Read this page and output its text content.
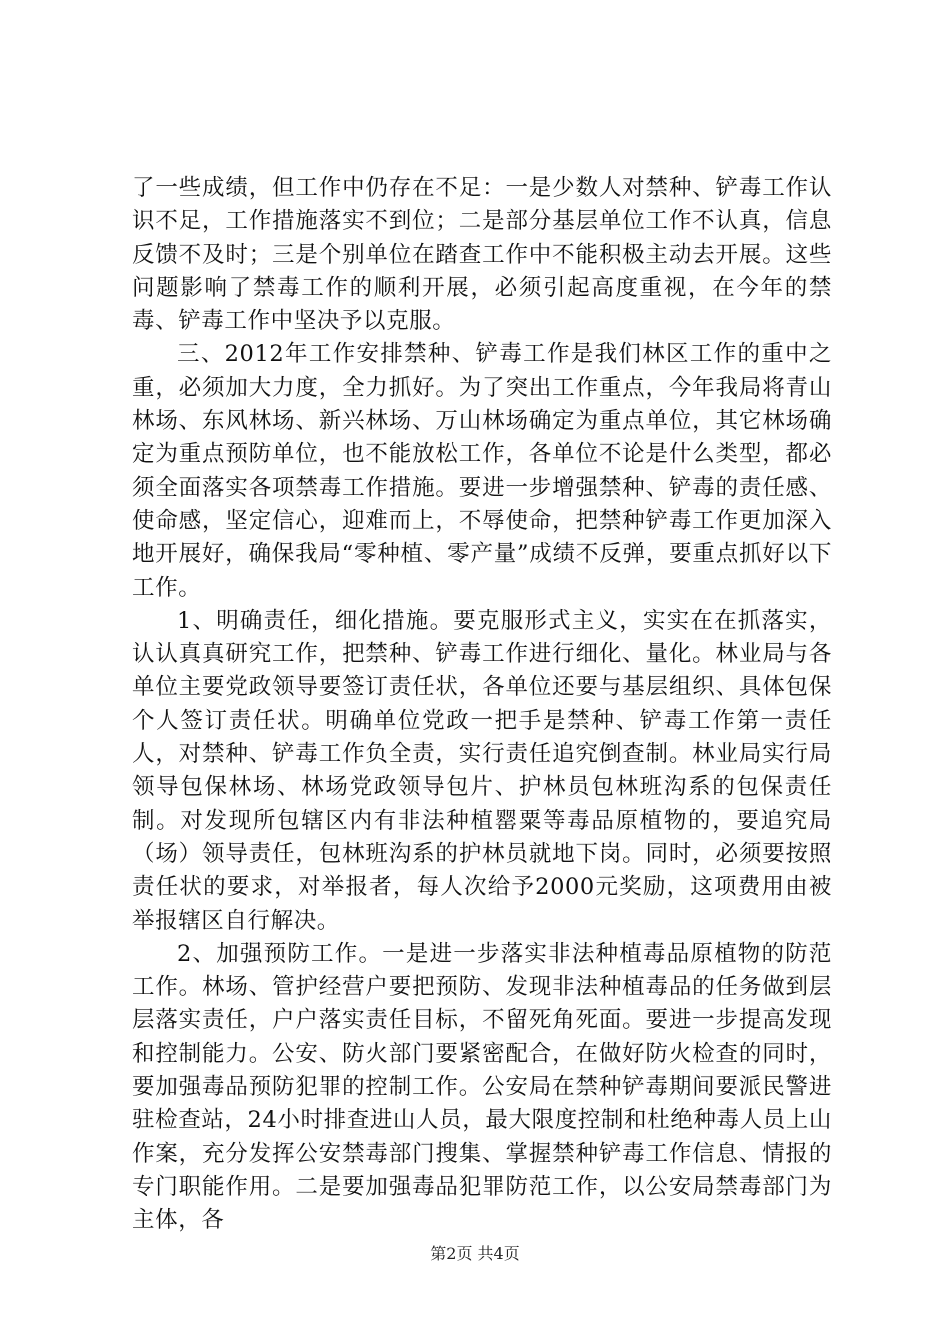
了一些成绩，但工作中仍存在不足：一是少数人对禁种、铲毒工作认识不足，工作措施落实不到位；二是部分基层单位工作不认真，信息反馈不及时；三是个别单位在踏查工作中不能积极主动去开展。这些问题影响了禁毒工作的顺利开展，必须引起高度重视，在今年的禁毒、铲毒工作中坚决予以克服。

三、2012年工作安排禁种、铲毒工作是我们林区工作的重中之重，必须加大力度，全力抓好。为了突出工作重点，今年我局将青山林场、东风林场、新兴林场、万山林场确定为重点单位，其它林场确定为重点预防单位，也不能放松工作，各单位不论是什么类型，都必须全面落实各项禁毒工作措施。要进一步增强禁种、铲毒的责任感、使命感，坚定信心，迎难而上，不辱使命，把禁种铲毒工作更加深入地开展好，确保我局“零种植、零产量”成绩不反弹，要重点抓好以下工作。

1、明确责任，细化措施。要克服形式主义，实实在在抓落实，认认真真研究工作，把禁种、铲毒工作进行细化、量化。林业局与各单位主要党政领导要签订责任状，各单位还要与基层组织、具体包保个人签订责任状。明确单位党政一把手是禁种、铲毒工作第一责任人，对禁种、铲毒工作负全责，实行责任追究倒查制。林业局实行局领导包保林场、林场党政领导包片、护林员包林班沟系的包保责任制。对发现所包辖区内有非法种植罂粟等毒品原植物的，要追究局（场）领导责任，包林班沟系的护林员就地下岗。同时，必须要按照责任状的要求，对举报者，每人次给予2000元奖励，这项费用由被举报辖区自行解决。

2、加强预防工作。一是进一步落实非法种植毒品原植物的防范工作。林场、管护经营户要把预防、发现非法种植毒品的任务做到层层落实责任，户户落实责任目标，不留死角死面。要进一步提高发现和控制能力。公安、防火部门要紧密配合，在做好防火检查的同时，要加强毒品预防犯罪的控制工作。公安局在禁种铲毒期间要派民警进驻检查站，24小时排查进山人员，最大限度控制和杜绝种毒人员上山作案，充分发挥公安禁毒部门搜集、掌握禁种铲毒工作信息、情报的专门职能作用。二是要加强毒品犯罪防范工作，以公安局禁毒部门为主体，各

第2页 共4页
